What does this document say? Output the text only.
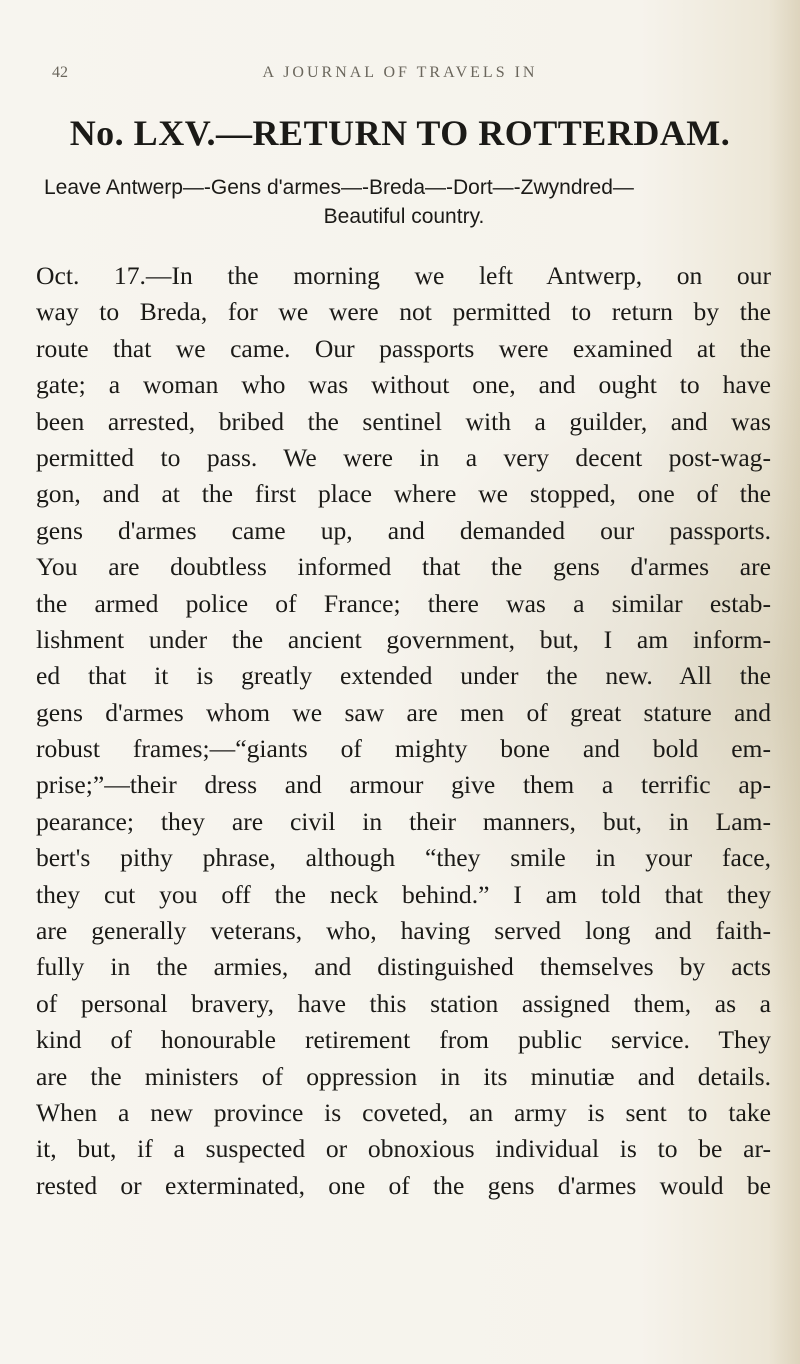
42	A JOURNAL OF TRAVELS IN
No. LXV.—RETURN TO ROTTERDAM.
Leave Antwerp—-Gens d'armes—-Breda—-Dort—-Zwyndred—
Beautiful country.
Oct. 17.—In the morning we left Antwerp, on our
way to Breda, for we were not permitted to return by the
route that we came. Our passports were examined at the
gate; a woman who was without one, and ought to have
been arrested, bribed the sentinel with a guilder, and was
permitted to pass. We were in a very decent post-wag-
gon, and at the first place where we stopped, one of the
gens d'armes came up, and demanded our passports.
You are doubtless informed that the gens d'armes are
the armed police of France; there was a similar estab-
lishment under the ancient government, but, I am inform-
ed that it is greatly extended under the new. All the
gens d'armes whom we saw are men of great stature and
robust frames;—“giants of mighty bone and bold em-
prise;”—their dress and armour give them a terrific ap-
pearance; they are civil in their manners, but, in Lam-
bert's pithy phrase, although “they smile in your face,
they cut you off the neck behind.” I am told that they
are generally veterans, who, having served long and faith-
fully in the armies, and distinguished themselves by acts
of personal bravery, have this station assigned them, as a
kind of honourable retirement from public service. They
are the ministers of oppression in its minutiæ and details.
When a new province is coveted, an army is sent to take
it, but, if a suspected or obnoxious individual is to be ar-
rested or exterminated, one of the gens d'armes would be
